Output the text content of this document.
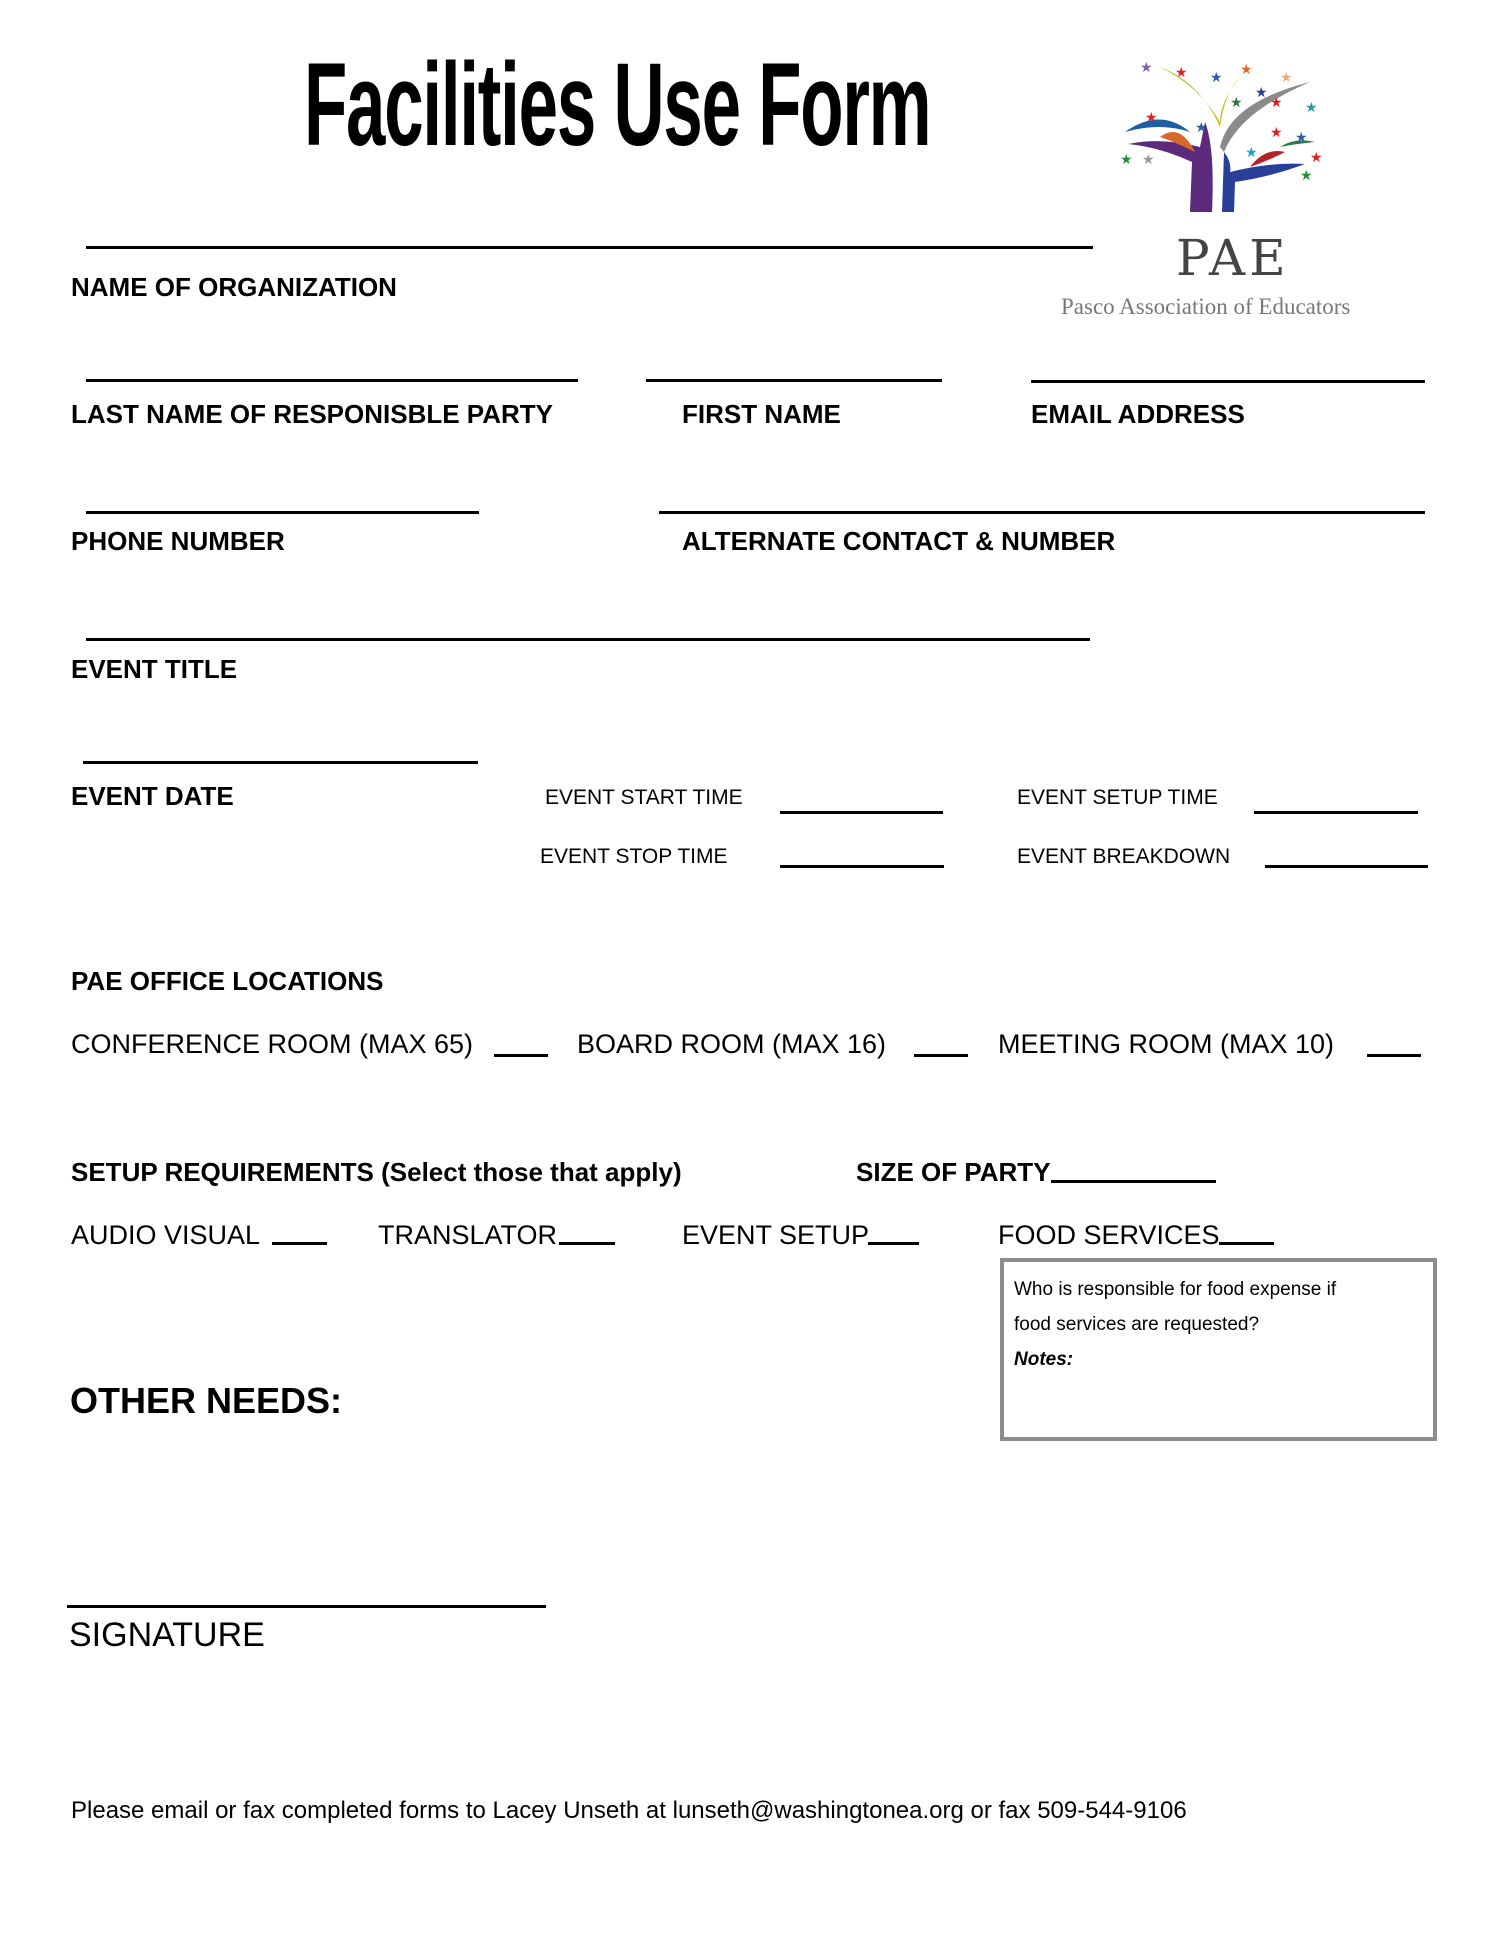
Facilities Use Form	★ ★ ★ ★ ★
★
★ ★ ★
★
★	★ ★
★
★ ★	★
★
PAE
Pasco Association of Educators
NAME OF ORGANIZATION
LAST NAME OF RESPONISBLE PARTY	FIRST NAME	EMAIL ADDRESS
PHONE NUMBER	ALTERNATE CONTACT & NUMBER
EVENT TITLE
EVENT DATE	EVENT START TIME	EVENT SETUP TIME
EVENT STOP TIME	EVENT BREAKDOWN
PAE OFFICE LOCATIONS
CONFERENCE ROOM (MAX 65)	BOARD ROOM (MAX 16)	MEETING ROOM (MAX 10)
SETUP REQUIREMENTS (Select those that apply)	SIZE OF PARTY
AUDIO VISUAL	TRANSLATOR	EVENT SETUP	FOOD SERVICES
Who is responsible for food expense if
food services are requested?
Notes:
OTHER NEEDS:
SIGNATURE
Please email or fax completed forms to Lacey Unseth at lunseth@washingtonea.org or fax 509-544-9106
